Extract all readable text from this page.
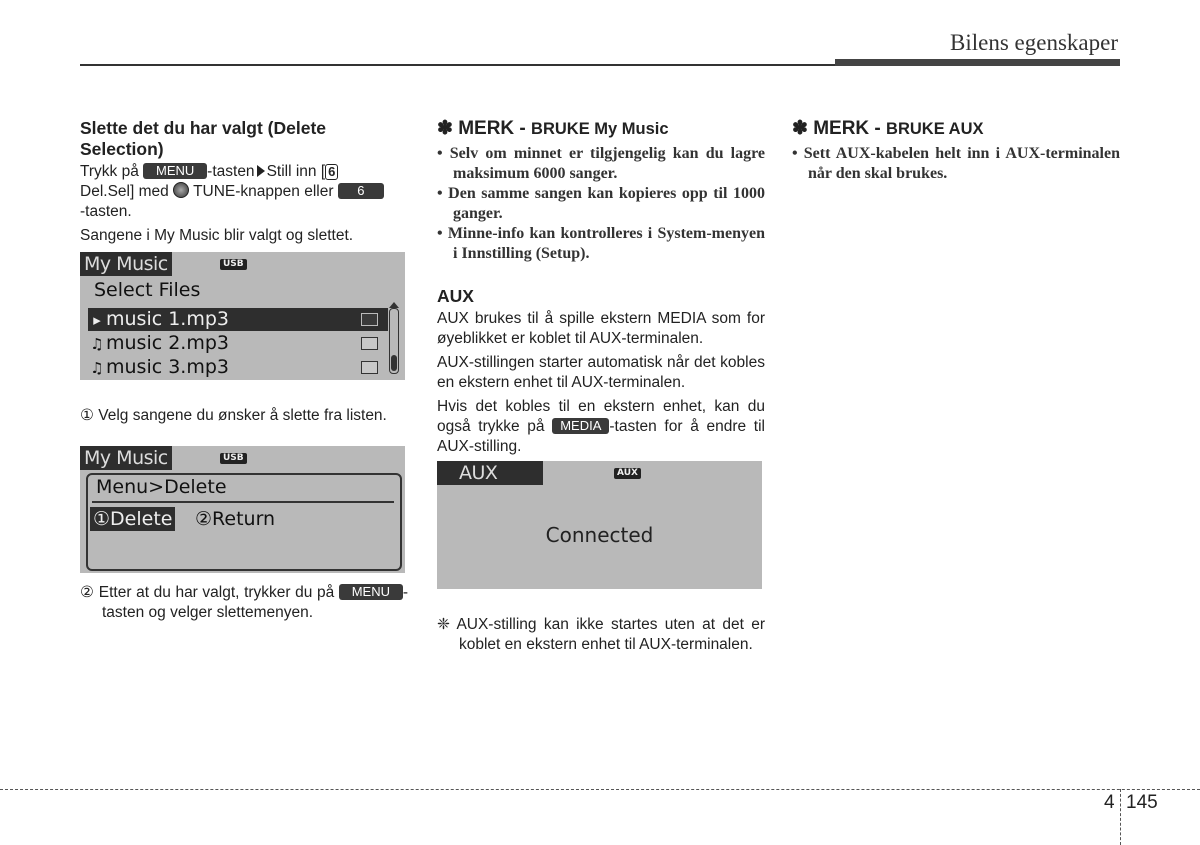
Bilens egenskaper
Slette det du har valgt (Delete Selection)

Trykk på MENU -tasten Still inn [ 6
Del.Sel] med  TUNE-knappen eller 6
-tasten.

Sangene i My Music blir valgt og slettet.

My Music	USB
Select Files
▸ music 1.mp3
♫ music 2.mp3
♫ music 3.mp3
① Velg sangene du ønsker å slette fra listen.
My Music	USB
Menu>Delete
①Delete ②Return
② Etter at du har valgt, trykker du på MENU -tasten og velger slettemenyen.
✽ MERK - BRUKE My Music
• Selv om minnet er tilgjengelig kan du lagre maksimum 6000 sanger.
• Den samme sangen kan kopieres opp til 1000 ganger.
• Minne-info kan kontrolleres i System-menyen i Innstilling (Setup).
AUX

AUX brukes til å spille ekstern MEDIA som for øyeblikket er koblet til AUX-terminalen.

AUX-stillingen starter automatisk når det kobles en ekstern enhet til AUX-terminalen.

Hvis det kobles til en ekstern enhet, kan du også trykke på MEDIA -tasten for å endre til AUX-stilling.

AUX	AUX
Connected
❈ AUX-stilling kan ikke startes uten at det er koblet en ekstern enhet til AUX-terminalen.
✽ MERK - BRUKE AUX
• Sett AUX-kabelen helt inn i AUX-terminalen når den skal brukes.
4 145
